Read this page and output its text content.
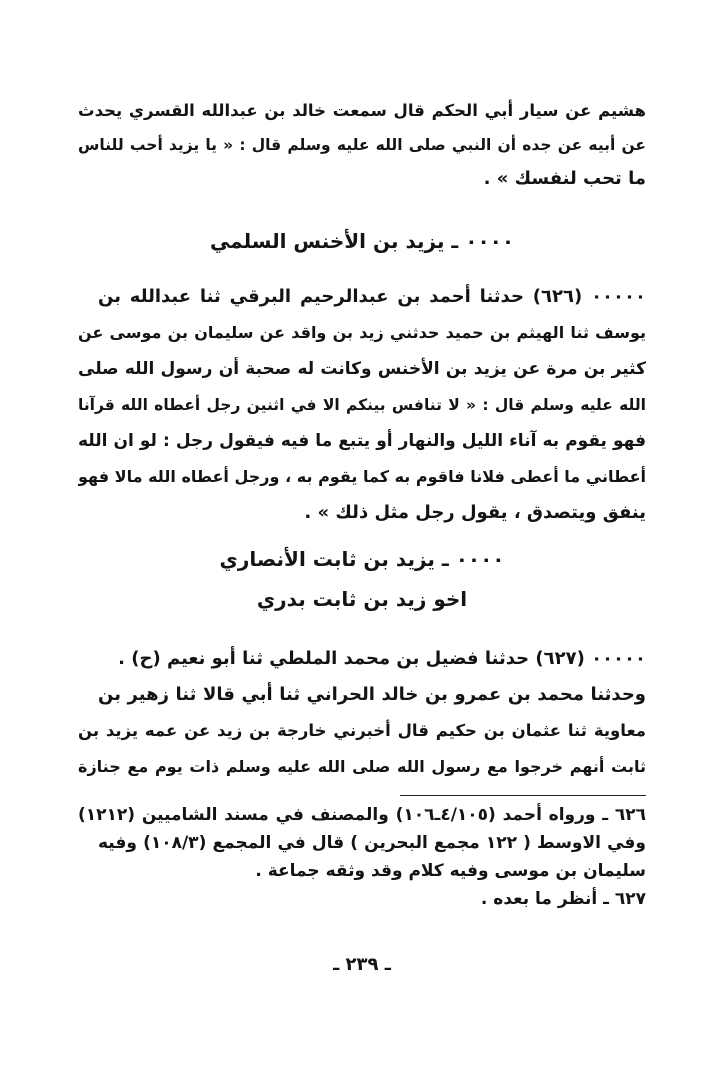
هشيم عن سيار أبي الحكم قال سمعت خالد بن عبدالله القسري يحدث
عن أبيه عن جده أن النبي صلى الله عليه وسلم قال : « يا يزيد أحب للناس
ما تحب لنفسك » .
٠٠٠٠ ـ يزيد بن الأخنس السلمي
٠٠٠٠٠ (٦٢٦) حدثنا أحمد بن عبدالرحيم البرقي ثنا عبدالله بن
يوسف ثنا الهيثم بن حميد حدثني زيد بن واقد عن سليمان بن موسى عن
كثير بن مرة عن يزيد بن الأخنس وكانت له صحبة أن رسول الله صلى
الله عليه وسلم قال : « لا تنافس بينكم الا في اثنين رجل أعطاه الله قرآنا
فهو يقوم به آناء الليل والنهار أو يتبع ما فيه فيقول رجل : لو ان الله
أعطاني ما أعطى فلانا فاقوم به كما يقوم به ، ورجل أعطاه الله مالا فهو
ينفق ويتصدق ، يقول رجل مثل ذلك » .
٠٠٠٠ ـ يزيد بن ثابت الأنصاري
اخو زيد بن ثابت بدري
٠٠٠٠٠ (٦٢٧) حدثنا فضيل بن محمد الملطي ثنا أبو نعيم (ح) .
وحدثنا محمد بن عمرو بن خالد الحراني ثنا أبي قالا ثنا زهير بن
معاوية ثنا عثمان بن حكيم قال أخبرني خارجة بن زيد عن عمه يزيد بن
ثابت أنهم خرجوا مع رسول الله صلى الله عليه وسلم ذات يوم مع جنازة
٦٢٦ ـ ورواه أحمد (٤/١٠٥ـ١٠٦) والمصنف في مسند الشاميين (١٢١٢)
وفي الاوسط ( ١٢٢ مجمع البحرين ) قال في المجمع (١٠٨/٣) وفيه
سليمان بن موسى وفيه كلام وقد وثقه جماعة .
٦٢٧ ـ أنظر ما بعده .
ـ ٢٣٩ ـ
